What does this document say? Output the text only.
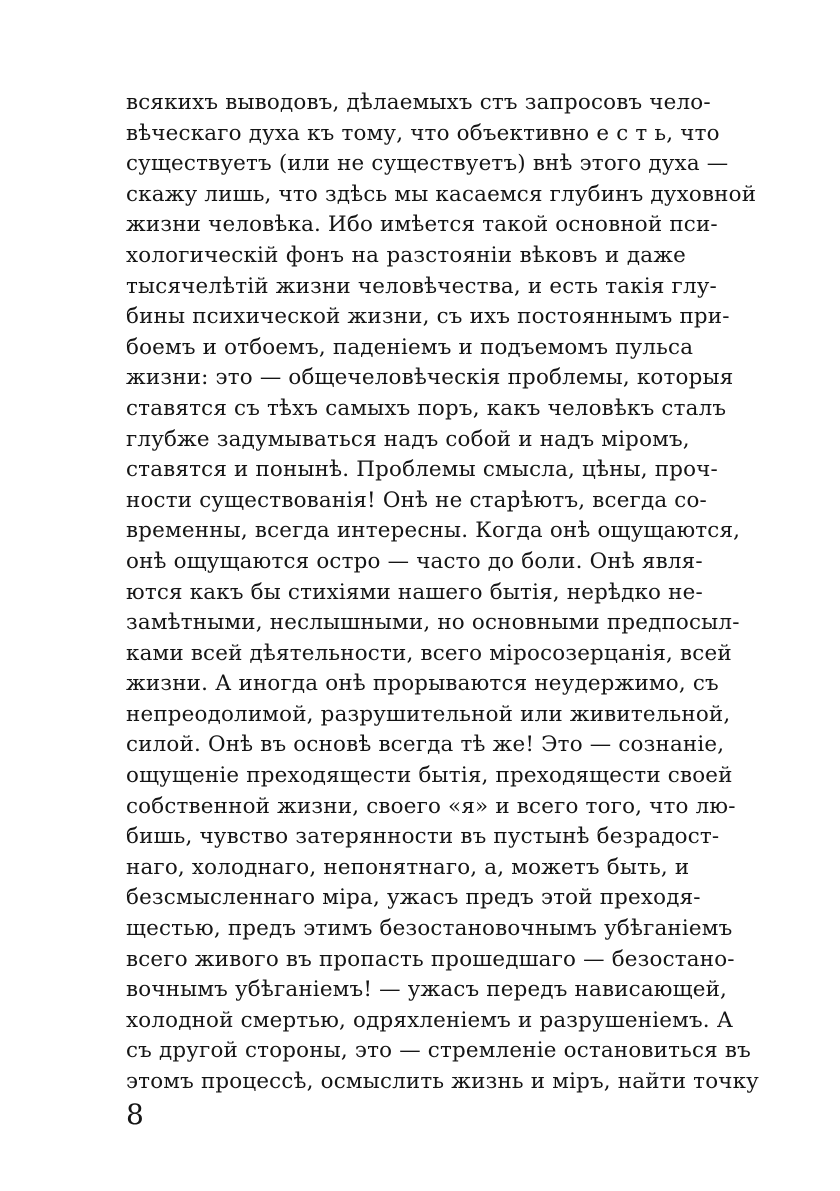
всякихъ выводовъ, дѣлаемыхъ стъ запросовъ чело-
вѣческаго духа къ тому, что объективно е с т ь, что
существуетъ (или не существуетъ) внѣ этого духа —
скажу лишь, что здѣсь мы касаемся глубинъ духовной
жизни человѣка. Ибо имѣется такой основной пси-
хологическій фонъ на разстояніи вѣковъ и даже
тысячелѣтій жизни человѣчества, и есть такія глу-
бины психической жизни, съ ихъ постояннымъ при-
боемъ и отбоемъ, паденіемъ и подъемомъ пульса
жизни: это — общечеловѣческія проблемы, которыя
ставятся съ тѣхъ самыхъ поръ, какъ человѣкъ сталъ
глубже задумываться надъ собой и надъ міромъ,
ставятся и понынѣ. Проблемы смысла, цѣны, проч-
ности существованія! Онѣ не старѣютъ, всегда со-
временны, всегда интересны. Когда онѣ ощущаются,
онѣ ощущаются остро — часто до боли. Онѣ явля-
ются какъ бы стихіями нашего бытія, нерѣдко не-
замѣтными, неслышными, но основными предпосыл-
ками всей дѣятельности, всего міросозерцанія, всей
жизни. А иногда онѣ прорываются неудержимо, съ
непреодолимой, разрушительной или живительной,
силой. Онѣ въ основѣ всегда тѣ же! Это — сознаніе,
ощущеніе преходящести бытія, преходящести своей
собственной жизни, своего «я» и всего того, что лю-
бишь, чувство затерянности въ пустынѣ безрадост-
наго, холоднаго, непонятнаго, а, можетъ быть, и
безсмысленнаго міра, ужасъ предъ этой преходя-
щестью, предъ этимъ безостановочнымъ убѣганіемъ
всего живого въ пропасть прошедшаго — безостано-
вочнымъ убѣганіемъ! — ужасъ передъ нависающей,
холодной смертью, одряхленіемъ и разрушеніемъ. А
съ другой стороны, это — стремленіе остановиться въ
этомъ процессѣ, осмыслить жизнь и міръ, найти точку
8
